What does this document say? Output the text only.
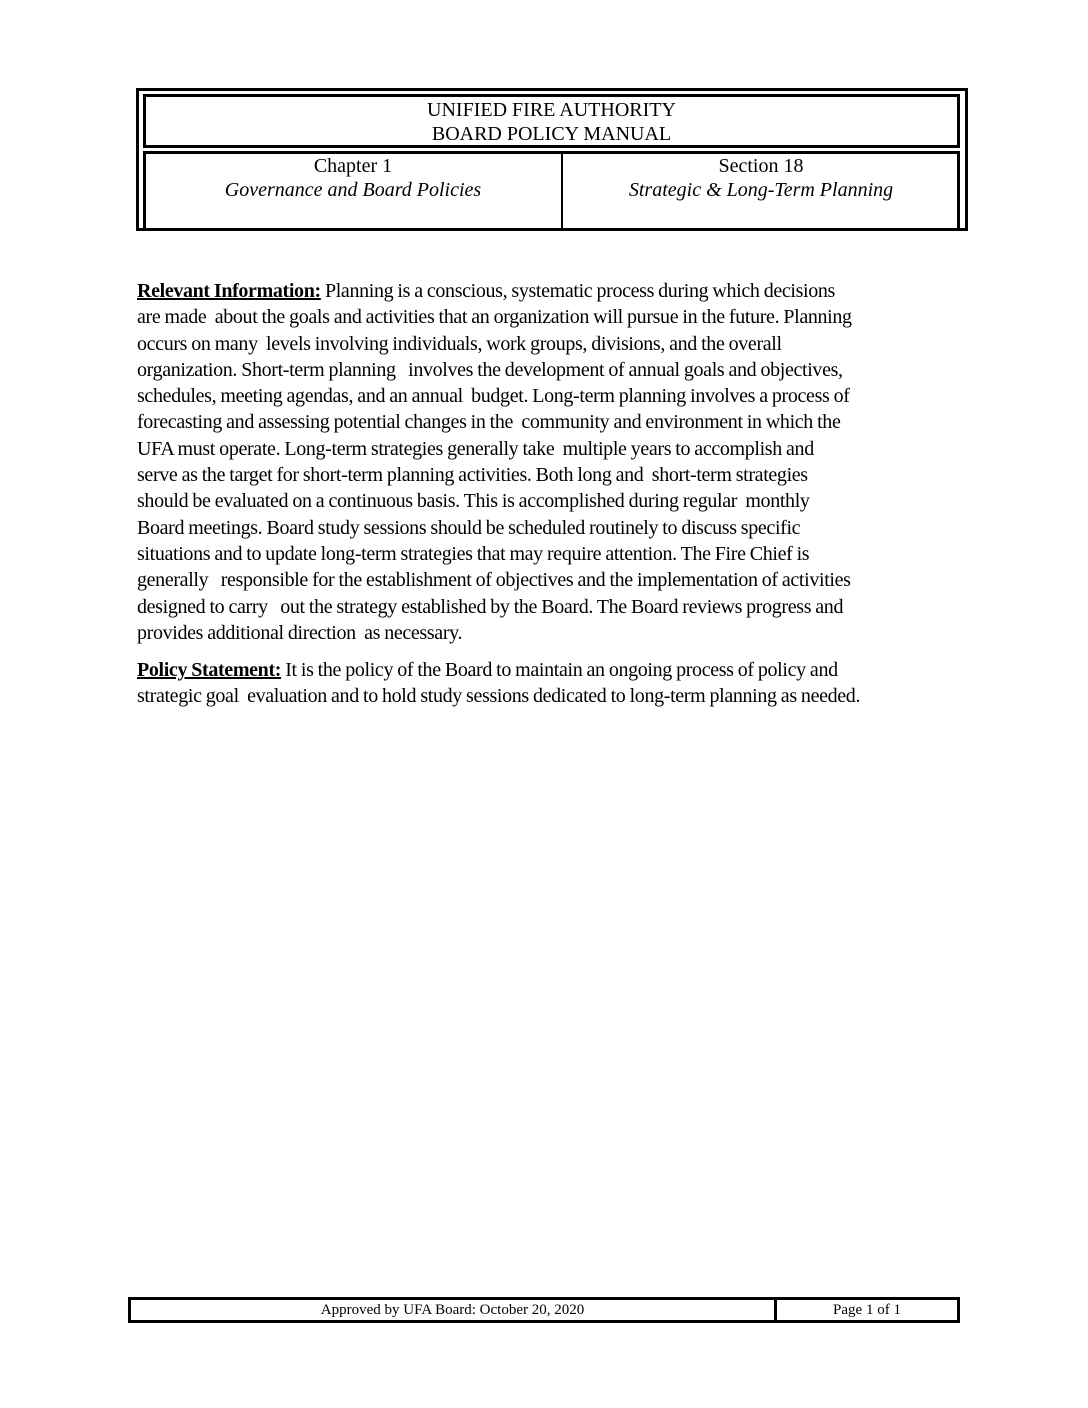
UNIFIED FIRE AUTHORITY
BOARD POLICY MANUAL
Chapter 1
Governance and Board Policies
Section 18
Strategic & Long-Term Planning
Relevant Information: Planning is a conscious, systematic process during which decisions
are made  about the goals and activities that an organization will pursue in the future. Planning
occurs on many  levels involving individuals, work groups, divisions, and the overall
organization. Short-term planning   involves the development of annual goals and objectives,
schedules, meeting agendas, and an annual  budget. Long-term planning involves a process of
forecasting and assessing potential changes in the  community and environment in which the
UFA must operate. Long-term strategies generally take  multiple years to accomplish and
serve as the target for short-term planning activities. Both long and  short-term strategies
should be evaluated on a continuous basis. This is accomplished during regular  monthly
Board meetings. Board study sessions should be scheduled routinely to discuss specific
situations and to update long-term strategies that may require attention. The Fire Chief is
generally   responsible for the establishment of objectives and the implementation of activities
designed to carry   out the strategy established by the Board. The Board reviews progress and
provides additional direction  as necessary.
Policy Statement: It is the policy of the Board to maintain an ongoing process of policy and
strategic goal  evaluation and to hold study sessions dedicated to long-term planning as needed.
Approved by UFA Board: October 20, 2020	Page 1 of 1
